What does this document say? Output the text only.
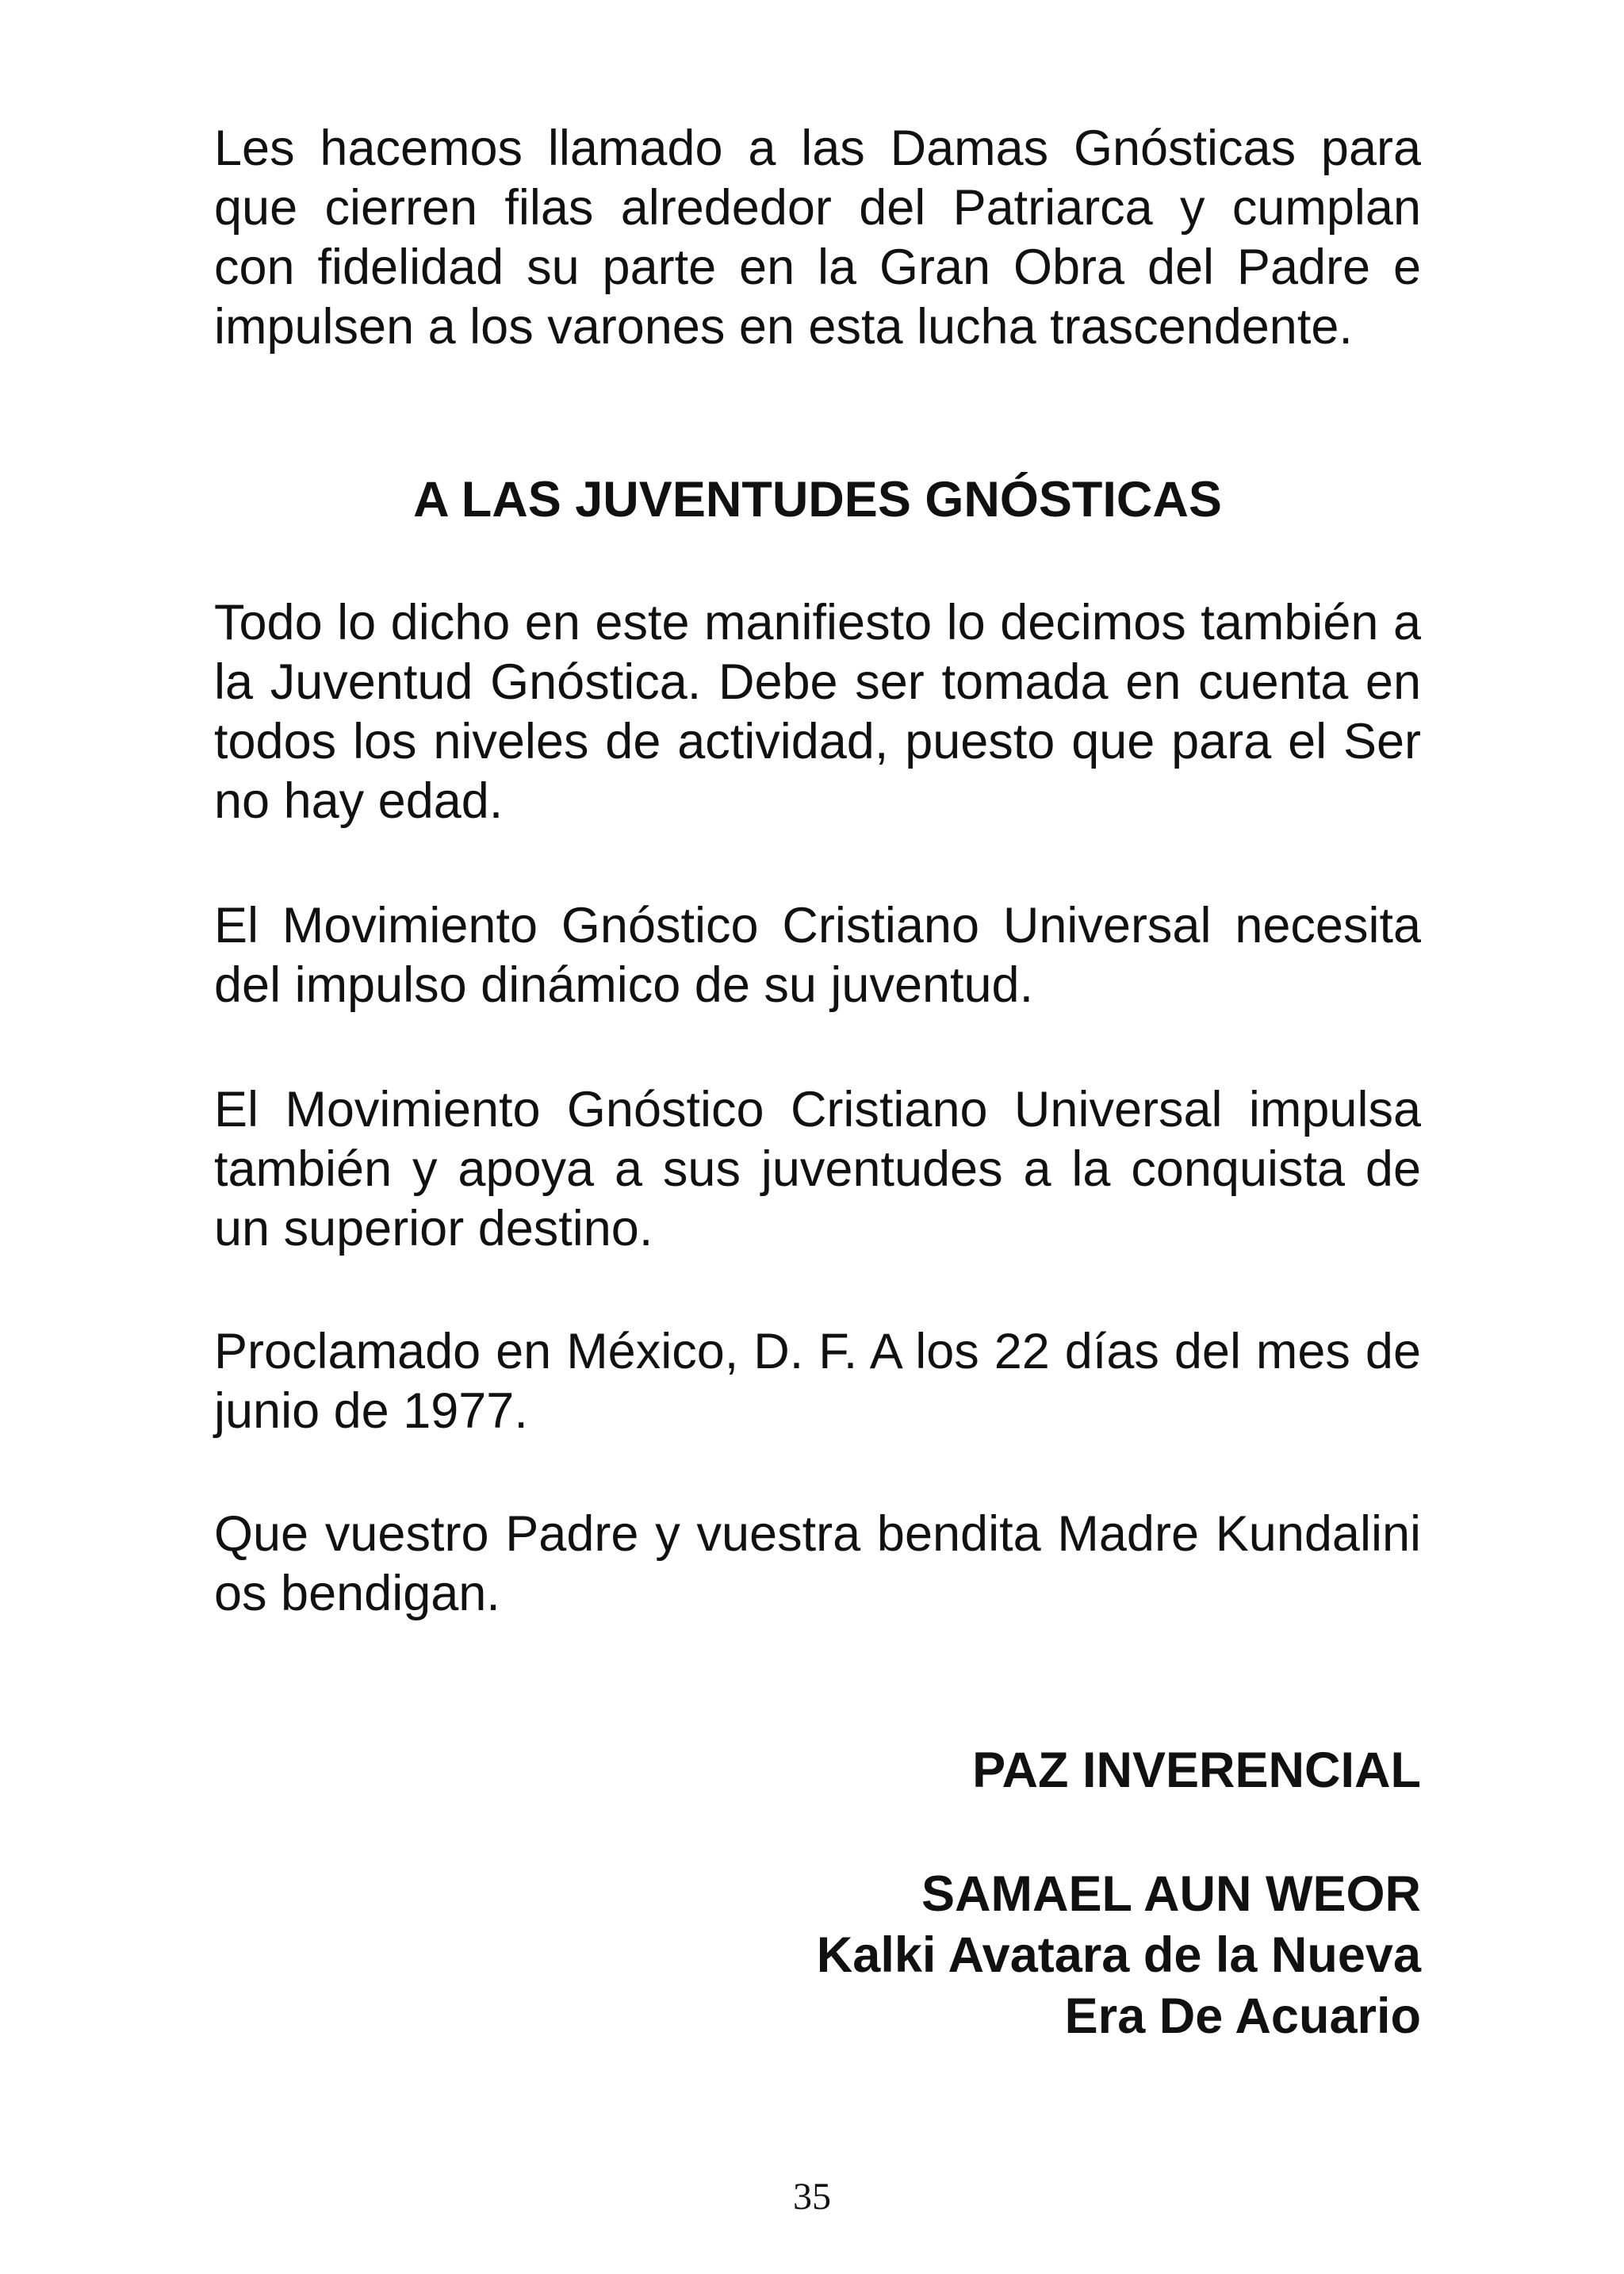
Les hacemos llamado a las Damas Gnósticas para que cierren filas alrededor del Patriarca y cumplan con fidelidad su parte en la Gran Obra del Padre e impulsen a los varones en esta lucha trascendente.

A LAS JUVENTUDES GNÓSTICAS

Todo lo dicho en este manifiesto lo decimos también a la Juventud Gnóstica. Debe ser tomada en cuenta en todos los niveles de actividad, puesto que para el Ser no hay edad.

El Movimiento Gnóstico Cristiano Universal necesita del impulso dinámico de su juventud.

El Movimiento Gnóstico Cristiano Universal impulsa también y apoya a sus juventudes a la conquista de un superior destino.

Proclamado en México, D. F. A los 22 días del mes de junio de 1977.

Que vuestro Padre y vuestra bendita Madre Kundalini os bendigan.

PAZ INVERENCIAL

SAMAEL AUN WEOR

Kalki Avatara de la Nueva

Era De Acuario

35
